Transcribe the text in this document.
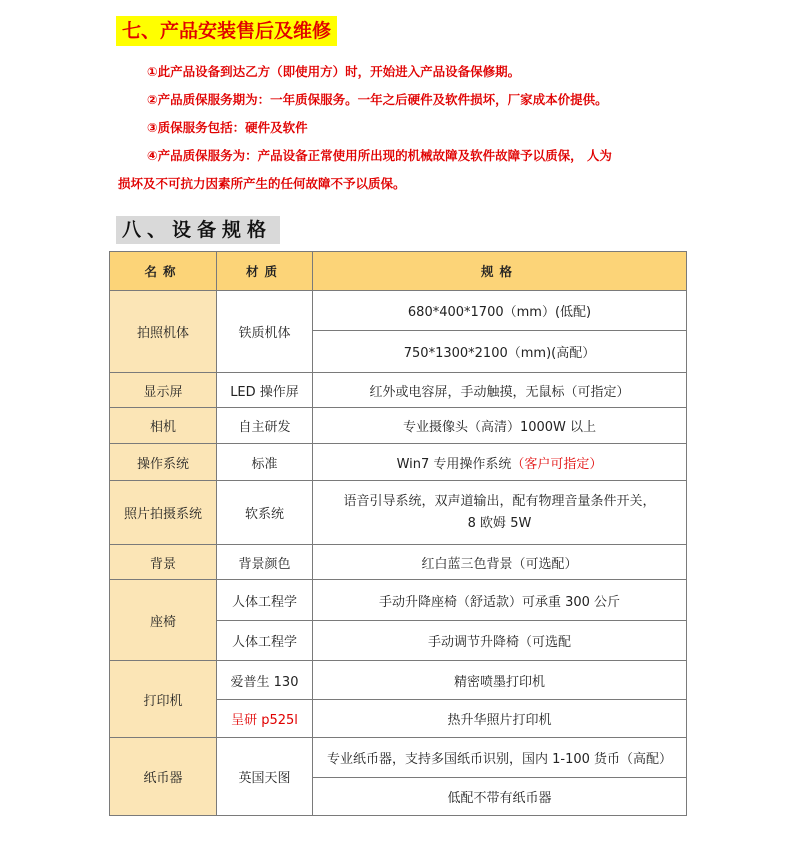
七、产品安装售后及维修
①此产品设备到达乙方（即使用方）时，开始进入产品设备保修期。
②产品质保服务期为：一年质保服务。一年之后硬件及软件损坏，厂家成本价提供。
③质保服务包括：硬件及软件
④产品质保服务为：产品设备正常使用所出现的机械故障及软件故障予以质保， 人为
损坏及不可抗力因素所产生的任何故障不予以质保。
八、设备规格
名称	材质	规格
拍照机体	铁质机体	680*400*1700（mm）(低配)
		750*1300*2100（mm)(高配）
显示屏	LED 操作屏	红外或电容屏，手动触摸，无鼠标（可指定）
相机	自主研发	专业摄像头（高清）1000W 以上
操作系统	标准	Win7 专用操作系统（客户可指定）
照片拍摄系统	软系统	语音引导系统，双声道输出，配有物理音量条件开关，
8 欧姆 5W

背景	背景颜色	红白蓝三色背景（可选配）
座椅	人体工程学	手动升降座椅（舒适款）可承重 300 公斤
	人体工程学	手动调节升降椅（可选配
打印机	爱普生 130	精密喷墨打印机
	呈研 p525l	热升华照片打印机
纸币器	英国天图	专业纸币器，支持多国纸币识别，国内 1-100 货币（高配）
		低配不带有纸币器
